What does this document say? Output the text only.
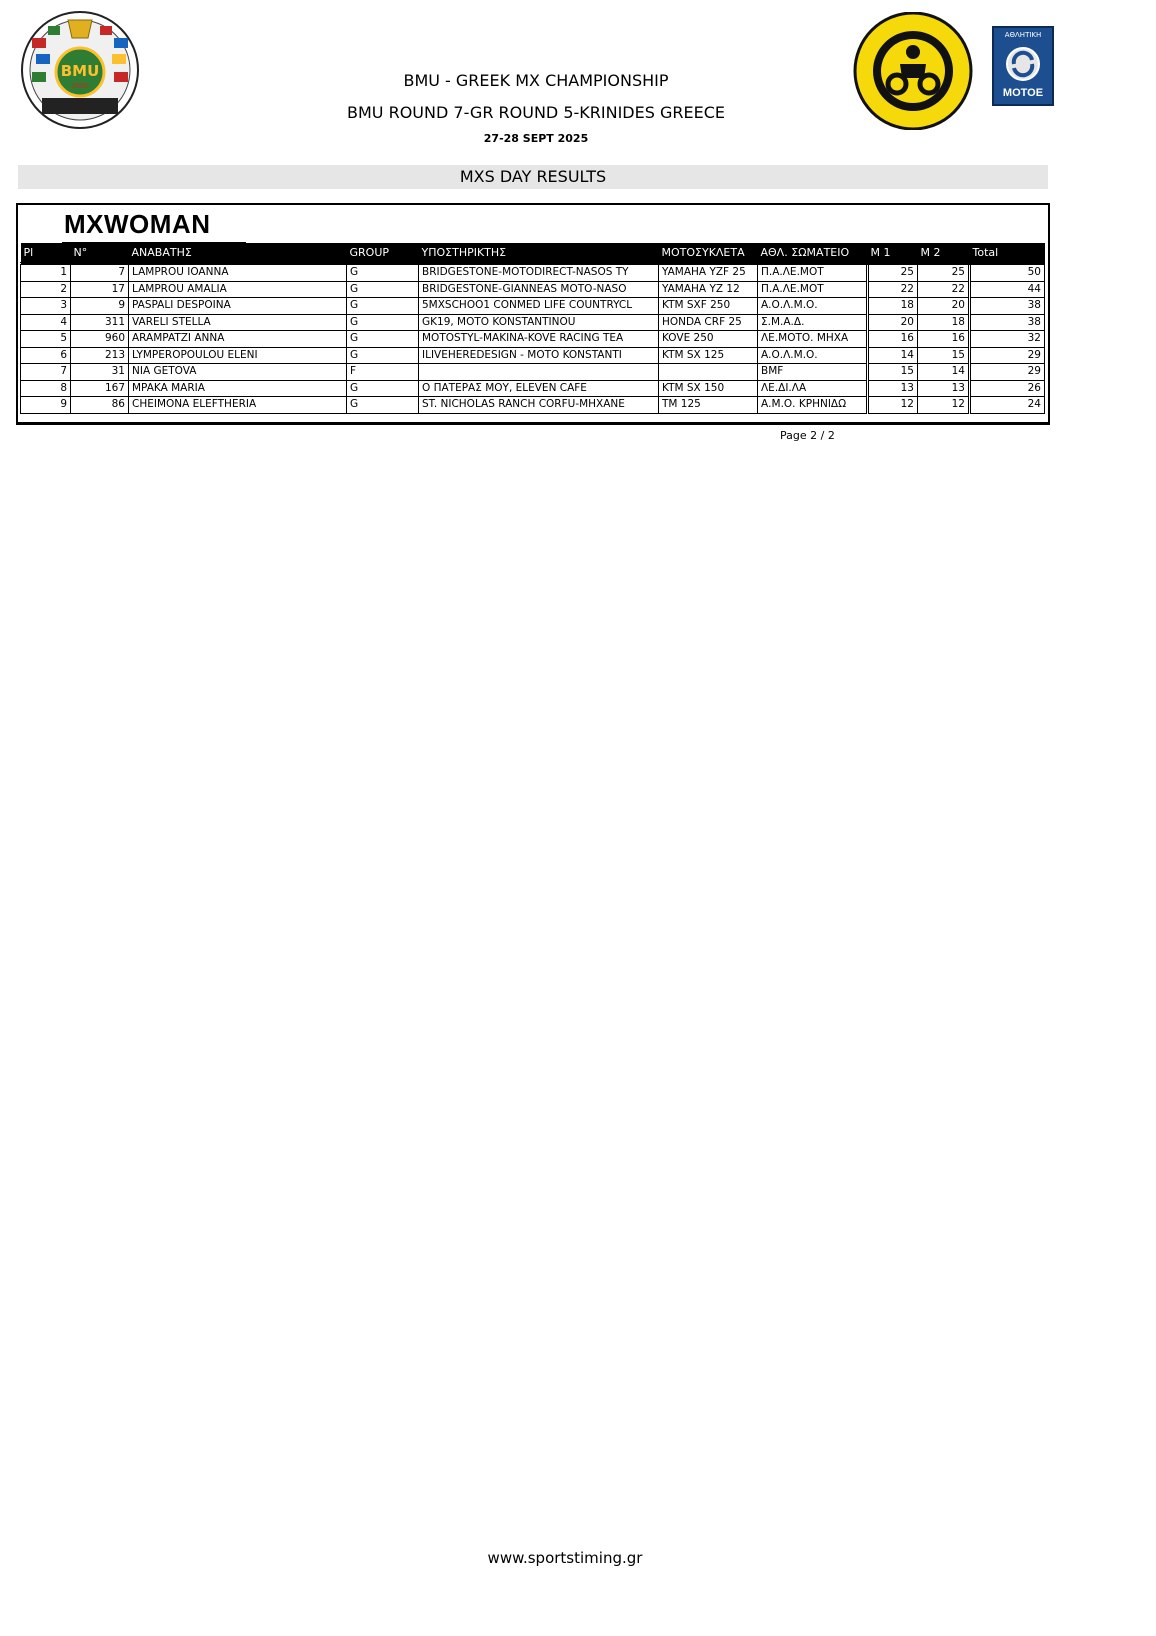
BMU
2000	BMU - GREEK MX CHAMPIONSHIP
BMU ROUND 7-GR ROUND 5-KRINIDES GREECE
27-28 SEPT 2025
ΑΘΛΗΤΙΚΗ
ΜΟΤΟΕ
MXS DAY RESULTS
MXWOMAN
Pl	N°	ΑΝΑΒΑΤΗΣ	GROUP	ΥΠΟΣΤΗΡΙΚΤΗΣ	ΜΟΤΟΣΥΚΛΕΤΑ	ΑΘΛ. ΣΩΜΑΤΕΙΟ	M 1	M 2	Total
1	7	LAMPROU IOANNA	G	BRIDGESTONE-MOTODIRECT-NASOS TY	YAMAHA YZF 25	Π.Α.ΛΕ.ΜΟΤ	25	25	50
2	17	LAMPROU AMALIA	G	BRIDGESTONE-GIANNEAS MOTO-NASO	YAMAHA YZ 12	Π.Α.ΛΕ.ΜΟΤ	22	22	44
3	9	PASPALI DESPOINA	G	5MXSCHOO1 CONMED LIFE COUNTRYCL	KTM SXF 250	Α.Ο.Λ.Μ.Ο.	18	20	38
4	311	VARELI STELLA	G	GK19, MOTO KONSTANTINOU	HONDA CRF 25	Σ.Μ.Α.Δ.	20	18	38
5	960	ARAMPATZI ANNA	G	MOTOSTYL-MAKINA-KOVE RACING TEA	KOVE 250	ΛΕ.ΜΟΤΟ. ΜΗΧΑ	16	16	32
6	213	LYMPEROPOULOU ELENI	G	ILIVEHEREDESIGN - MOTO KONSTANTI	KTM SX 125	Α.Ο.Λ.Μ.Ο.	14	15	29
7	31	NIA GETOVA	F			BMF	15	14	29
8	167	MPAKA MARIA	G	Ο ΠΑΤΕΡΑΣ ΜΟΥ, ELEVEN CAFE	KTM SX 150	ΛΕ.ΔΙ.ΛΑ	13	13	26
9	86	CHEIMONA ELEFTHERIA	G	ST. NICHOLAS RANCH CORFU-MHXANE	TM 125	Α.Μ.Ο. ΚΡΗΝΙΔΩ	12	12	24
Page 2 / 2
www.sportstiming.gr
